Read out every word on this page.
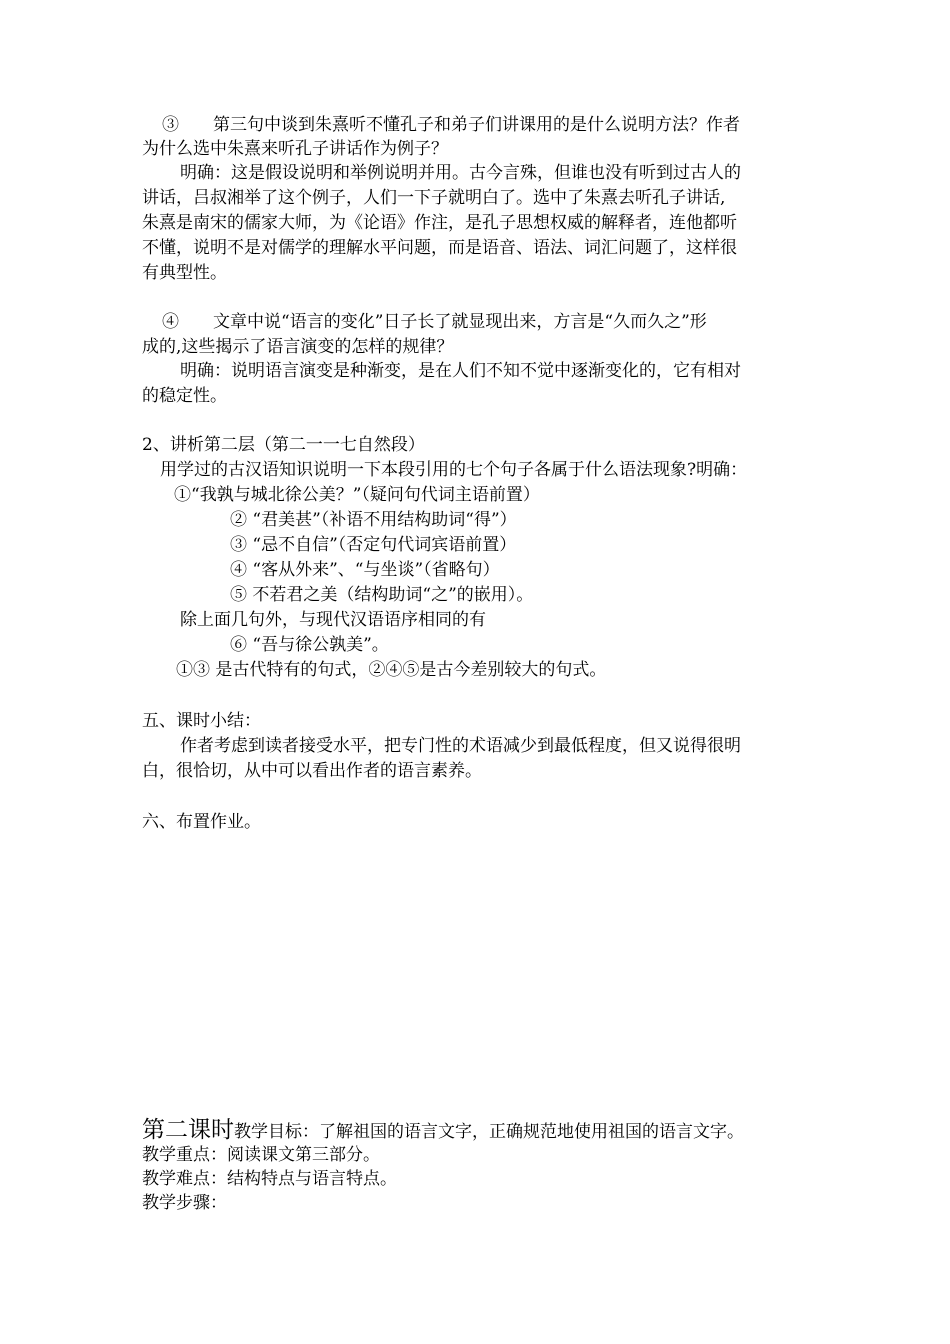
③　　第三句中谈到朱熹听不懂孔子和弟子们讲课用的是什么说明方法？作者
为什么选中朱熹来听孔子讲话作为例子？
明确：这是假设说明和举例说明并用。古今言殊，但谁也没有听到过古人的
讲话，吕叔湘举了这个例子，人们一下子就明白了。选中了朱熹去听孔子讲话,
朱熹是南宋的儒家大师，为《论语》作注，是孔子思想权威的解释者，连他都听
不懂，说明不是对儒学的理解水平问题，而是语音、语法、词汇问题了，这样很
有典型性。
④　　文章中说“语言的变化”日子长了就显现出来，方言是“久而久之”形
成的,这些揭示了语言演变的怎样的规律？
明确：说明语言演变是种渐变，是在人们不知不觉中逐渐变化的，它有相对
的稳定性。
2、讲析第二层（第二一一七自然段）
用学过的古汉语知识说明一下本段引用的七个句子各属于什么语法现象?明确：
①“我孰与城北徐公美？”（疑问句代词主语前置）
② “君美甚”（补语不用结构助词“得”）
③ “忌不自信”（否定句代词宾语前置）
④ “客从外来”、“与坐谈”（省略句）
⑤ 不若君之美（结构助词“之”的嵌用）。
除上面几句外，与现代汉语语序相同的有
⑥ “吾与徐公孰美”。
①③ 是古代特有的句式，②④⑤是古今差别较大的句式。
五、课时小结：
作者考虑到读者接受水平，把专门性的术语减少到最低程度，但又说得很明
白，很恰切，从中可以看出作者的语言素养。
六、布置作业。
第二课时教学目标：了解祖国的语言文字，正确规范地使用祖国的语言文字。
教学重点：阅读课文第三部分。
教学难点：结构特点与语言特点。
教学步骤：
